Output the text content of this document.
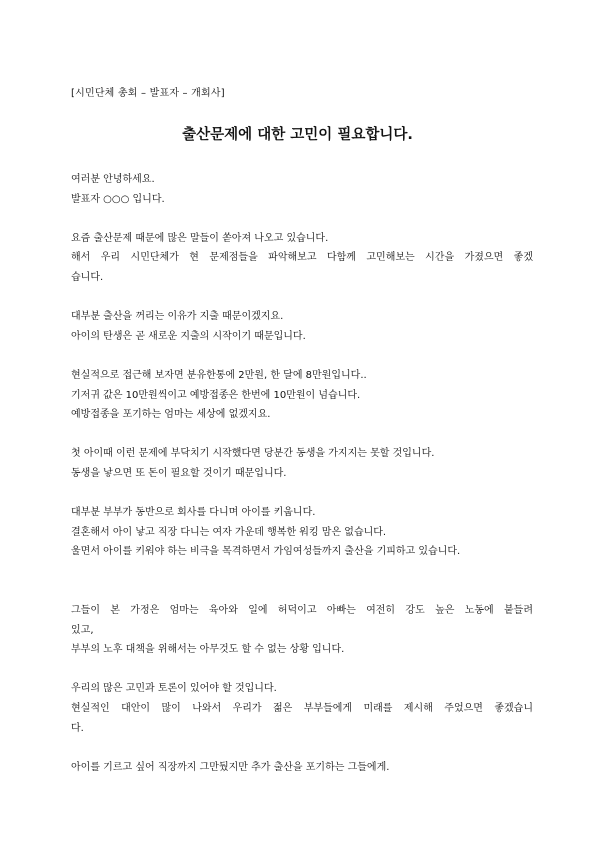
[시민단체 총회 – 발표자 – 개회사]
출산문제에 대한 고민이 필요합니다.
여러분 안녕하세요.
발표자 ○○○ 입니다.
요즘 출산문제 때문에 많은 말들이 쏟아져 나오고 있습니다.
해서 우리 시민단체가 현 문제점들을 파악해보고 다함께 고민해보는 시간을 가졌으면 좋겠
습니다.
대부분 출산을 꺼리는 이유가 지출 때문이겠지요.
아이의 탄생은 곧 새로운 지출의 시작이기 때문입니다.
현실적으로 접근해 보자면 분유한통에 2만원, 한 달에 8만원입니다..
기저귀 값은 10만원씩이고 예방접종은 한번에 10만원이 넘습니다.
예방접종을 포기하는 엄마는 세상에 없겠지요.
첫 아이때 이런 문제에 부닥치기 시작했다면 당분간 동생을 가지지는 못할 것입니다.
동생을 낳으면 또 돈이 필요할 것이기 때문입니다.
대부분 부부가 동반으로 회사를 다니며 아이를 키웁니다.
결혼해서 아이 낳고 직장 다니는 여자 가운데 행복한 워킹 맘은 없습니다.
울면서 아이를 키워야 하는 비극을 목격하면서 가임여성들까지 출산을 기피하고 있습니다.
그들이 본 가정은 엄마는 육아와 일에 허덕이고 아빠는 여전히 강도 높은 노동에 붙들려
있고,
부부의 노후 대책을 위해서는 아무것도 할 수 없는 상황 입니다.
우리의 많은 고민과 토론이 있어야 할 것입니다.
현실적인 대안이 많이 나와서 우리가 젊은 부부들에게 미래를 제시해 주었으면 좋겠습니
다.
아이를 기르고 싶어 직장까지 그만뒀지만 추가 출산을 포기하는 그들에게.
